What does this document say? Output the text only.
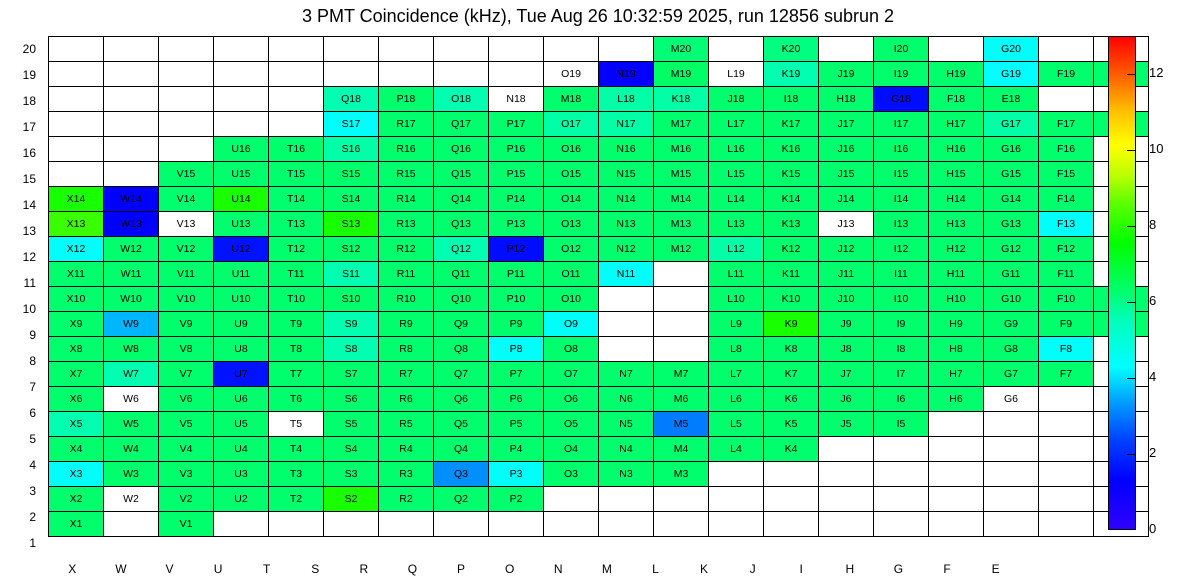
3 PMT Coincidence (kHz), Tue Aug 26 10:32:59 2025, run 12856 subrun 2
20
19
18
17
16
15
14
13
12
11
10
9
8
7
6
5
4
3
2
1
											M20		K20		I20		G20		
									O19	N19	M19	L19	K19	J19	I19	H19	G19	F19	
					Q18	P18	O18	N18	M18	L18	K18	J18	I18	H18	G18	F18	E18		
					S17	R17	Q17	P17	O17	N17	M17	L17	K17	J17	I17	H17	G17	F17	
			U16	T16	S16	R16	Q16	P16	O16	N16	M16	L16	K16	J16	I16	H16	G16	F16	
		V15	U15	T15	S15	R15	Q15	P15	O15	N15	M15	L15	K15	J15	I15	H15	G15	F15	
X14	W14	V14	U14	T14	S14	R14	Q14	P14	O14	N14	M14	L14	K14	J14	I14	H14	G14	F14	
X13	W13	V13	U13	T13	S13	R13	Q13	P13	O13	N13	M13	L13	K13	J13	I13	H13	G13	F13	
X12	W12	V12	U12	T12	S12	R12	Q12	P12	O12	N12	M12	L12	K12	J12	I12	H12	G12	F12	
X11	W11	V11	U11	T11	S11	R11	Q11	P11	O11	N11		L11	K11	J11	I11	H11	G11	F11	
X10	W10	V10	U10	T10	S10	R10	Q10	P10	O10			L10	K10	J10	I10	H10	G10	F10	
X9	W9	V9	U9	T9	S9	R9	Q9	P9	O9			L9	K9	J9	I9	H9	G9	F9	
X8	W8	V8	U8	T8	S8	R8	Q8	P8	O8			L8	K8	J8	I8	H8	G8	F8	
X7	W7	V7	U7	T7	S7	R7	Q7	P7	O7	N7	M7	L7	K7	J7	I7	H7	G7	F7	
X6	W6	V6	U6	T6	S6	R6	Q6	P6	O6	N6	M6	L6	K6	J6	I6	H6	G6		
X5	W5	V5	U5	T5	S5	R5	Q5	P5	O5	N5	M5	L5	K5	J5	I5				
X4	W4	V4	U4	T4	S4	R4	Q4	P4	O4	N4	M4	L4	K4						
X3	W3	V3	U3	T3	S3	R3	Q3	P3	O3	N3	M3								
X2	W2	V2	U2	T2	S2	R2	Q2	P2											
X1		V1																	
X	W	V	U	T	S	R	Q	P	O	N	M	L	K	J	I	H	G	F	E
0
2
4
6
8
10
12
